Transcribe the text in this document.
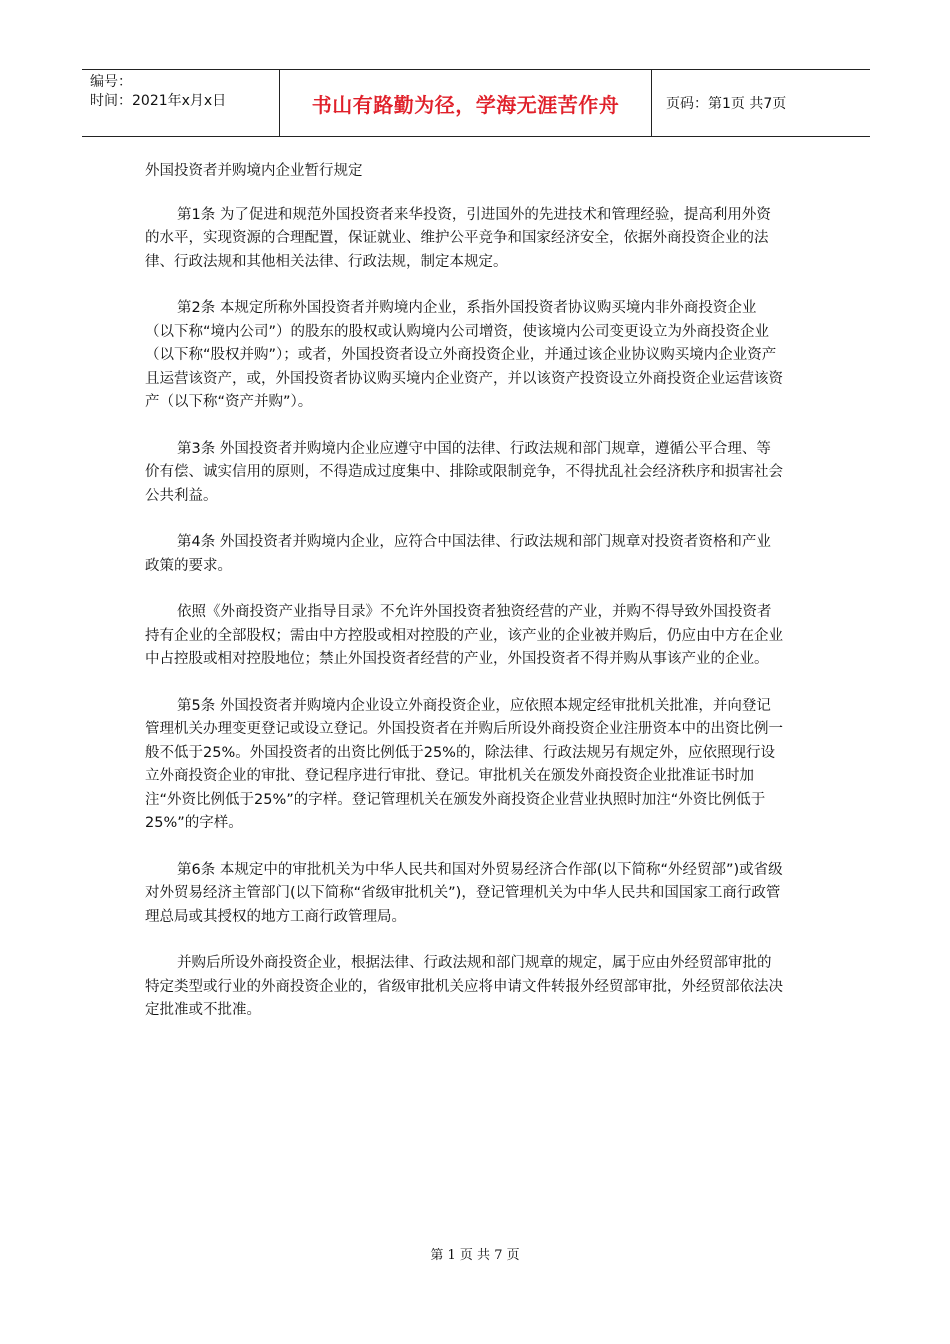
编号：
时间：2021年x月x日	书山有路勤为径，学海无涯苦作舟	页码：第1页 共7页
外国投资者并购境内企业暂行规定

第1条 为了促进和规范外国投资者来华投资，引进国外的先进技术和管理经验，提高利用外资的水平，实现资源的合理配置，保证就业、维护公平竞争和国家经济安全，依据外商投资企业的法律、行政法规和其他相关法律、行政法规，制定本规定。

第2条 本规定所称外国投资者并购境内企业，系指外国投资者协议购买境内非外商投资企业（以下称“境内公司”）的股东的股权或认购境内公司增资，使该境内公司变更设立为外商投资企业（以下称“股权并购”）；或者，外国投资者设立外商投资企业，并通过该企业协议购买境内企业资产且运营该资产，或，外国投资者协议购买境内企业资产，并以该资产投资设立外商投资企业运营该资产（以下称“资产并购”）。

第3条 外国投资者并购境内企业应遵守中国的法律、行政法规和部门规章，遵循公平合理、等价有偿、诚实信用的原则，不得造成过度集中、排除或限制竞争，不得扰乱社会经济秩序和损害社会公共利益。

第4条 外国投资者并购境内企业，应符合中国法律、行政法规和部门规章对投资者资格和产业政策的要求。

依照《外商投资产业指导目录》不允许外国投资者独资经营的产业，并购不得导致外国投资者持有企业的全部股权；需由中方控股或相对控股的产业，该产业的企业被并购后，仍应由中方在企业中占控股或相对控股地位；禁止外国投资者经营的产业，外国投资者不得并购从事该产业的企业。

第5条 外国投资者并购境内企业设立外商投资企业，应依照本规定经审批机关批准，并向登记管理机关办理变更登记或设立登记。外国投资者在并购后所设外商投资企业注册资本中的出资比例一般不低于25%。外国投资者的出资比例低于25%的，除法律、行政法规另有规定外，应依照现行设立外商投资企业的审批、登记程序进行审批、登记。审批机关在颁发外商投资企业批准证书时加注“外资比例低于25%”的字样。登记管理机关在颁发外商投资企业营业执照时加注“外资比例低于25%”的字样。

第6条 本规定中的审批机关为中华人民共和国对外贸易经济合作部(以下简称“外经贸部”)或省级对外贸易经济主管部门(以下简称“省级审批机关”)，登记管理机关为中华人民共和国国家工商行政管理总局或其授权的地方工商行政管理局。

并购后所设外商投资企业，根据法律、行政法规和部门规章的规定，属于应由外经贸部审批的特定类型或行业的外商投资企业的，省级审批机关应将申请文件转报外经贸部审批，外经贸部依法决定批准或不批准。

第 1 页 共 7 页
